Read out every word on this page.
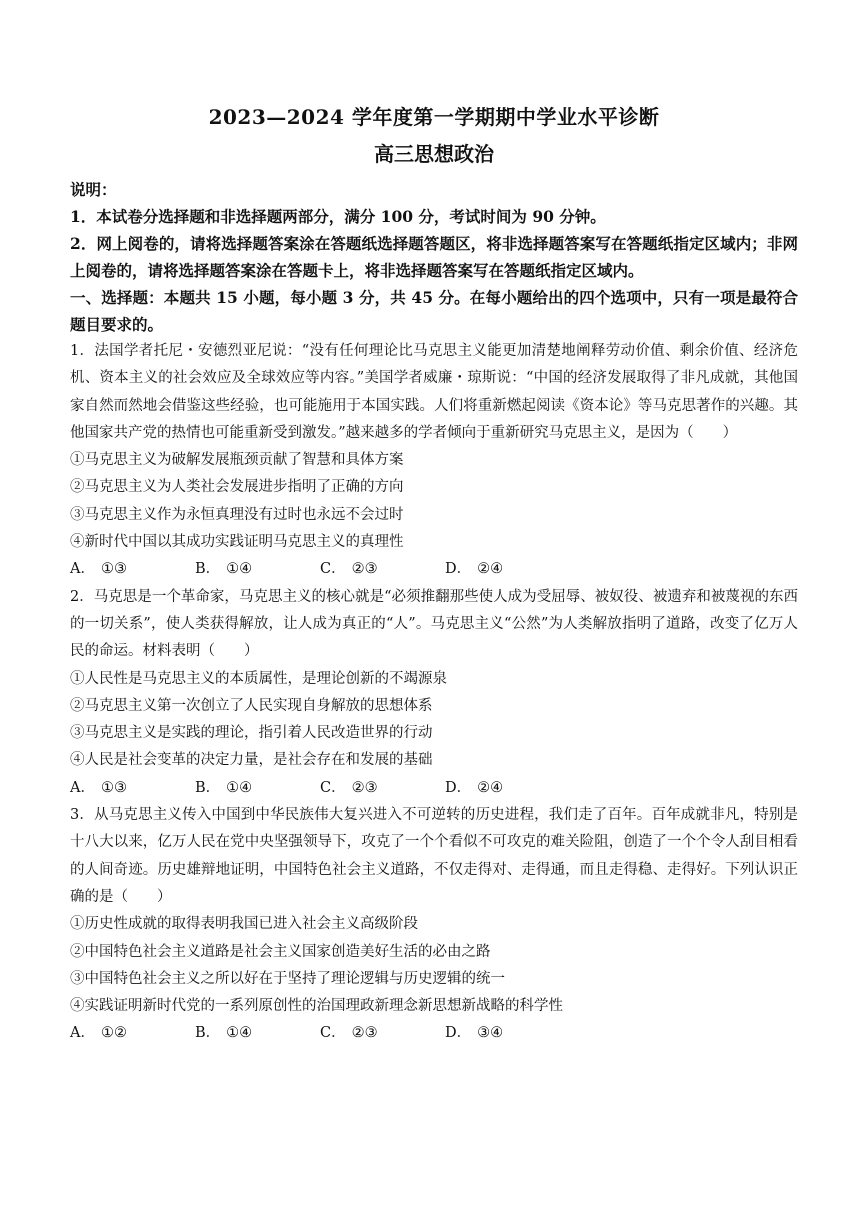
2023—2024 学年度第一学期期中学业水平诊断
高三思想政治
说明：
1．本试卷分选择题和非选择题两部分，满分 100 分，考试时间为 90 分钟。
2．网上阅卷的，请将选择题答案涂在答题纸选择题答题区，将非选择题答案写在答题纸指定区域内；非网上阅卷的，请将选择题答案涂在答题卡上，将非选择题答案写在答题纸指定区域内。
一、选择题：本题共 15 小题，每小题 3 分，共 45 分。在每小题给出的四个选项中，只有一项是最符合题目要求的。
1．法国学者托尼・安德烈亚尼说：“没有任何理论比马克思主义能更加清楚地阐释劳动价值、剩余价值、经济危机、资本主义的社会效应及全球效应等内容。”美国学者威廉・琼斯说：“中国的经济发展取得了非凡成就，其他国家自然而然地会借鉴这些经验，也可能施用于本国实践。人们将重新燃起阅读《资本论》等马克思著作的兴趣。其他国家共产党的热情也可能重新受到激发。”越来越多的学者倾向于重新研究马克思主义，是因为（　　）
①马克思主义为破解发展瓶颈贡献了智慧和具体方案
②马克思主义为人类社会发展进步指明了正确的方向
③马克思主义作为永恒真理没有过时也永远不会过时
④新时代中国以其成功实践证明马克思主义的真理性
A． ①③	B． ①④	C． ②③	D． ②④
2．马克思是一个革命家，马克思主义的核心就是“必须推翻那些使人成为受屈辱、被奴役、被遗弃和被蔑视的东西的一切关系”，使人类获得解放，让人成为真正的“人”。马克思主义“公然”为人类解放指明了道路，改变了亿万人民的命运。材料表明（　　）
①人民性是马克思主义的本质属性，是理论创新的不竭源泉
②马克思主义第一次创立了人民实现自身解放的思想体系
③马克思主义是实践的理论，指引着人民改造世界的行动
④人民是社会变革的决定力量，是社会存在和发展的基础
A． ①③	B． ①④	C． ②③	D． ②④
3．从马克思主义传入中国到中华民族伟大复兴进入不可逆转的历史进程，我们走了百年。百年成就非凡，特别是十八大以来，亿万人民在党中央坚强领导下，攻克了一个个看似不可攻克的难关险阻，创造了一个个令人刮目相看的人间奇迹。历史雄辩地证明，中国特色社会主义道路，不仅走得对、走得通，而且走得稳、走得好。下列认识正确的是（　　）
①历史性成就的取得表明我国已进入社会主义高级阶段
②中国特色社会主义道路是社会主义国家创造美好生活的必由之路
③中国特色社会主义之所以好在于坚持了理论逻辑与历史逻辑的统一
④实践证明新时代党的一系列原创性的治国理政新理念新思想新战略的科学性
A． ①②	B． ①④	C． ②③	D． ③④
